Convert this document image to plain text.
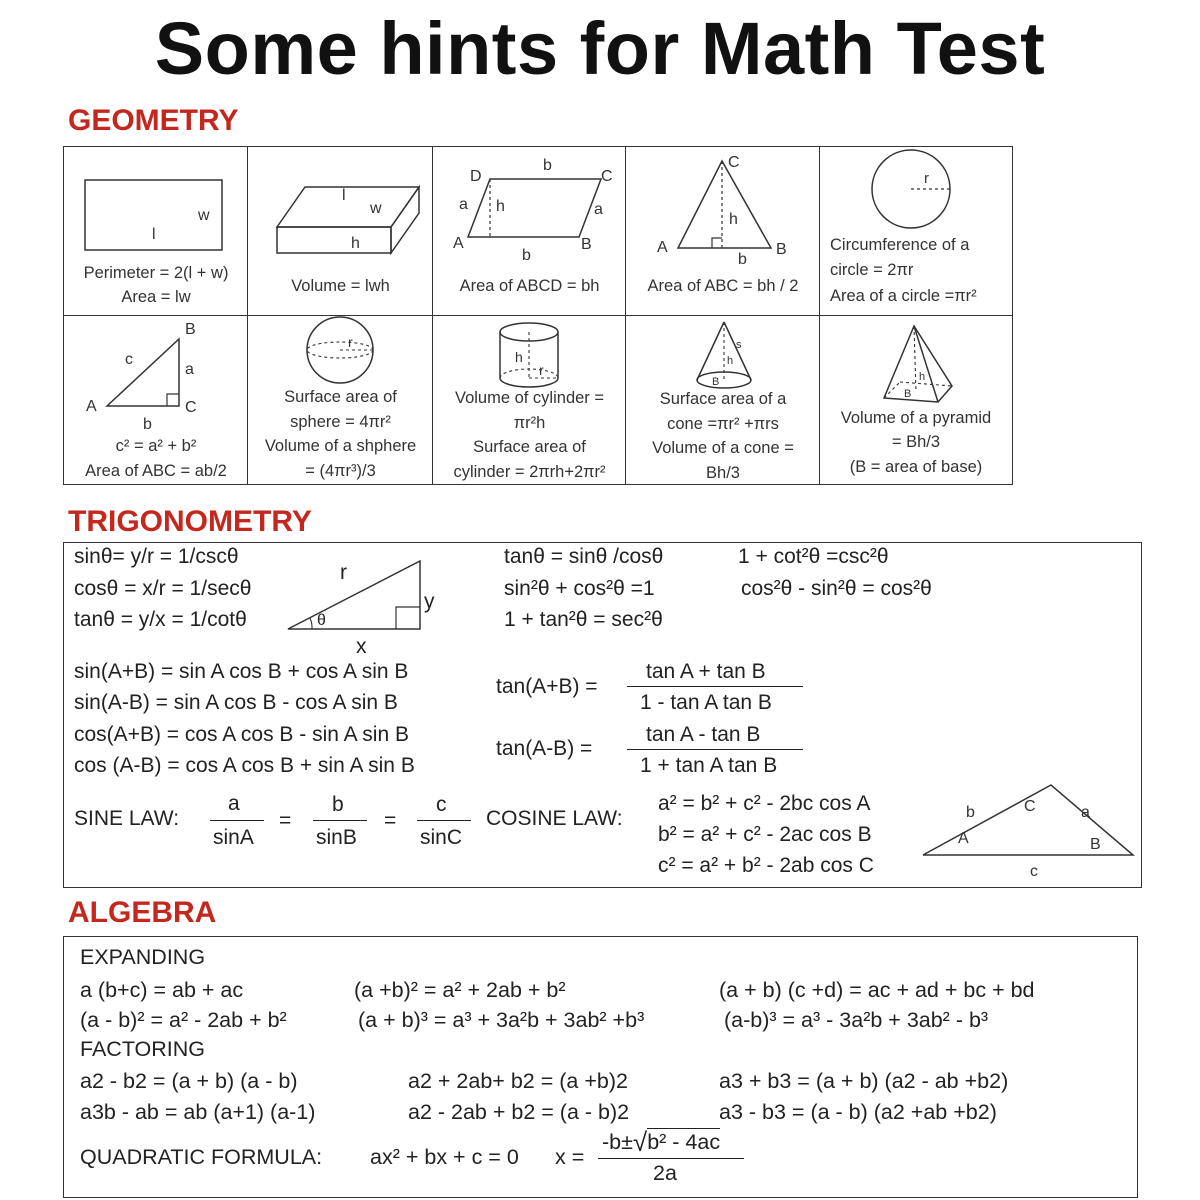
Some hints for Math Test
GEOMETRY
l
w
Perimeter = 2(l + w)
Area = lw
l
w
h
Volume = lwh
D	C
A	B
a	a
b
b
h
Area of ABCD = bh
C
A	B
h
b
Area of ABC = bh / 2
r
Circumference of a
circle = 2πr
Area of a circle =πr²
B
A	C
a
b
c
c² = a² + b²
Area of ABC = ab/2
r
Surface area of
sphere = 4πr²
Volume of a shphere
= (4πr³)/3
h
r
Volume of cylinder =
πr²h
Surface area of
cylinder = 2πrh+2πr²
s
h
B
Surface area of a
cone =πr² +πrs
Volume of a cone =
Bh/3
h
B
Volume of a pyramid
= Bh/3
(B = area of base)
TRIGONOMETRY
sinθ= y/r = 1/cscθ
cosθ = x/r = 1/secθ
tanθ = y/x = 1/cotθ
r
y
x
θ
tanθ = sinθ /cosθ
sin²θ + cos²θ =1
1 + tan²θ = sec²θ
1 + cot²θ =csc²θ
cos²θ - sin²θ = cos²θ
sin(A+B) = sin A cos B + cos A sin B
sin(A-B) = sin A cos B - cos A sin B
cos(A+B) = cos A cos B - sin A sin B
cos (A-B) = cos A cos B + sin A sin B
tan(A+B) =
tan A + tan B
1 - tan A tan B
tan(A-B) =
tan A - tan B
1 + tan A tan B
SINE LAW:
a
sinA
=
b
sinB
=
c
sinC
COSINE LAW:
a² = b² + c² - 2bc cos A
b² = a² + c² - 2ac cos B
c² = a² + b² - 2ab cos C
C
A	B
b	a
c
ALGEBRA
EXPANDING
a (b+c) = ab + ac	(a +b)² = a² + 2ab + b²	(a + b) (c +d) = ac + ad + bc + bd
(a - b)² = a² - 2ab + b²	(a + b)³ = a³ + 3a²b + 3ab² +b³	(a-b)³ = a³ - 3a²b + 3ab² - b³
FACTORING
a2 - b2 = (a + b) (a - b)	a2 + 2ab+ b2 = (a +b)2	a3 + b3 = (a + b) (a2 - ab +b2)
a3b - ab = ab (a+1) (a-1)	a2 - 2ab + b2 = (a - b)2	a3 - b3 = (a - b) (a2 +ab +b2)
QUADRATIC FORMULA: ax² + bx + c = 0 x =
-b±√b² - 4ac
2a
